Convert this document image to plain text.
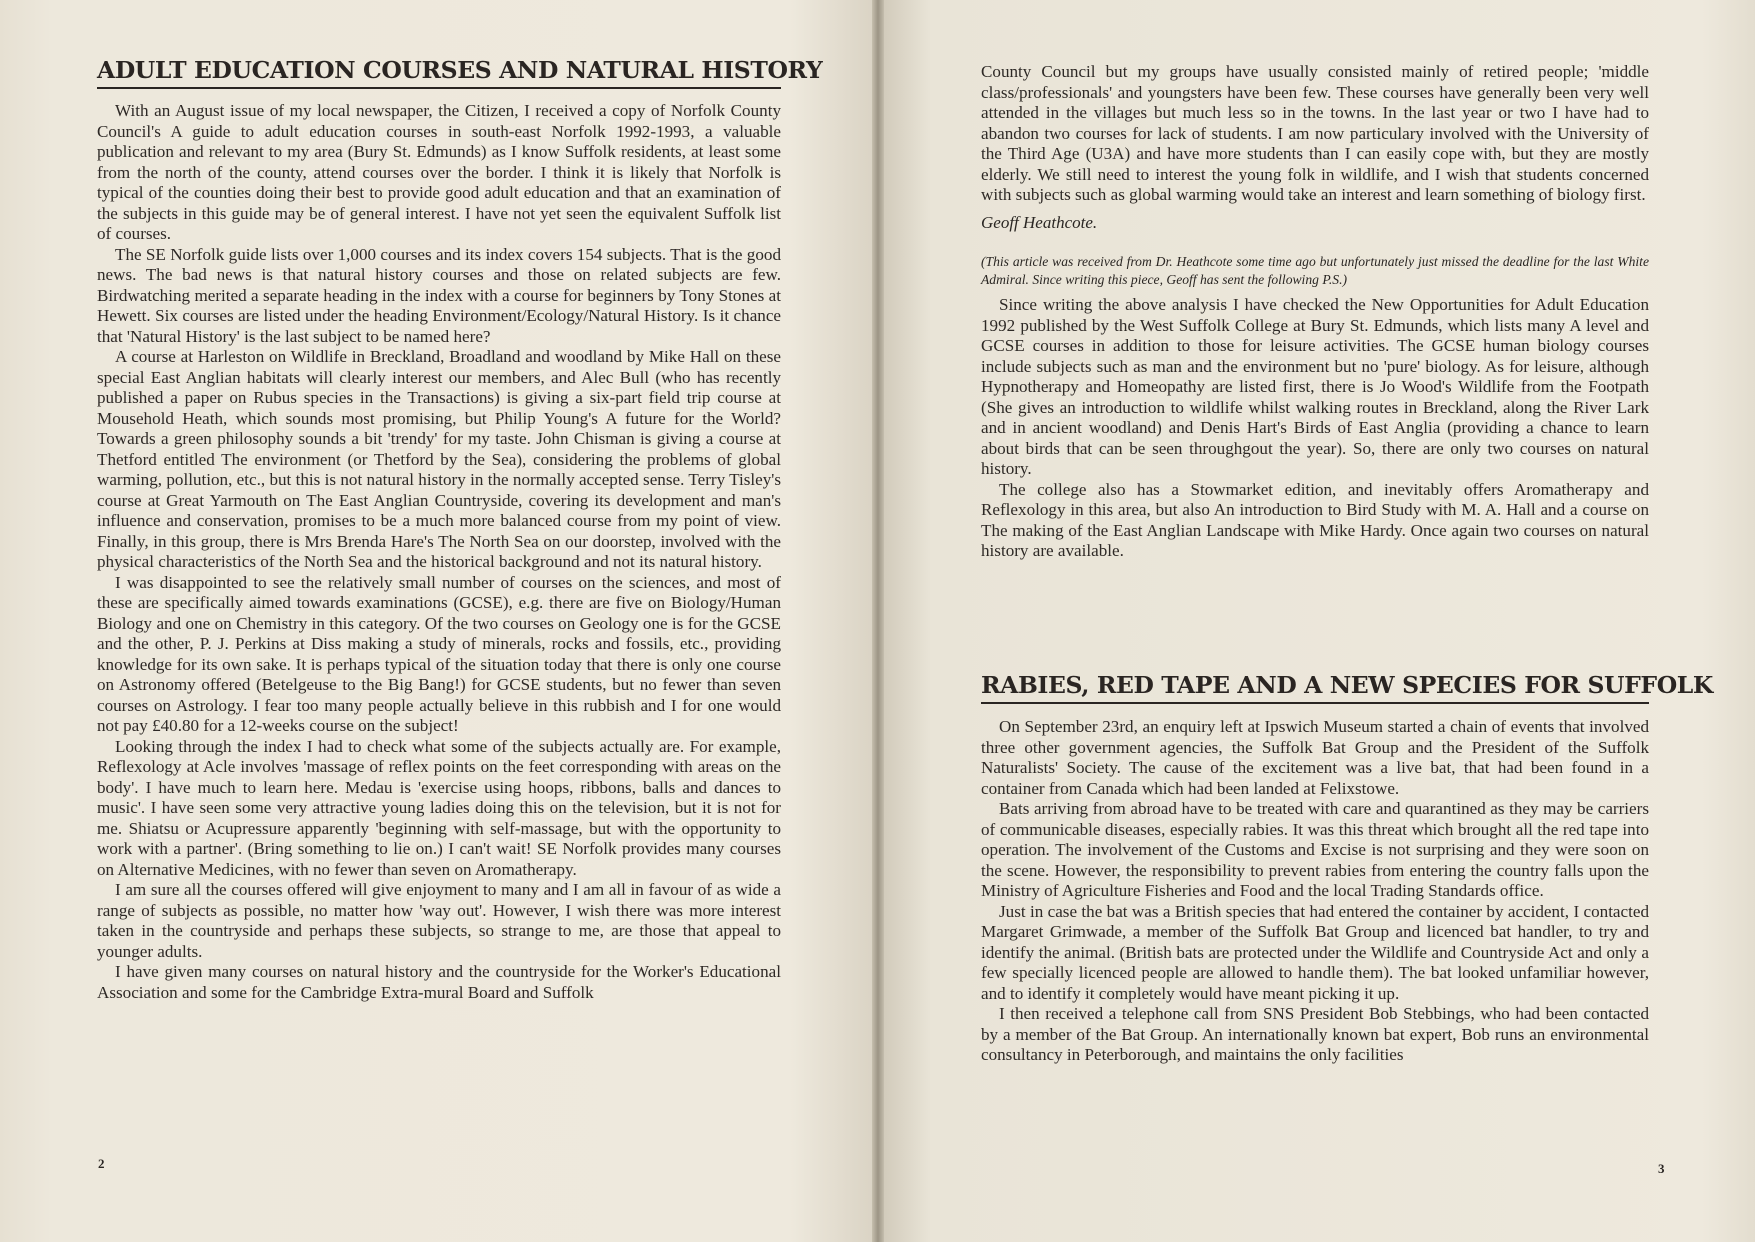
ADULT EDUCATION COURSES AND NATURAL HISTORY

With an August issue of my local newspaper, the Citizen, I received a copy of Norfolk County Council's A guide to adult education courses in south-east Norfolk 1992-1993, a valuable publication and relevant to my area (Bury St. Edmunds) as I know Suffolk residents, at least some from the north of the county, attend courses over the border. I think it is likely that Norfolk is typical of the counties doing their best to provide good adult education and that an examination of the subjects in this guide may be of general interest. I have not yet seen the equivalent Suffolk list of courses.

The SE Norfolk guide lists over 1,000 courses and its index covers 154 subjects. That is the good news. The bad news is that natural history courses and those on related subjects are few. Birdwatching merited a separate heading in the index with a course for beginners by Tony Stones at Hewett. Six courses are listed under the heading Environment/Ecology/Natural History. Is it chance that 'Natural History' is the last subject to be named here?

A course at Harleston on Wildlife in Breckland, Broadland and woodland by Mike Hall on these special East Anglian habitats will clearly interest our members, and Alec Bull (who has recently published a paper on Rubus species in the Transactions) is giving a six-part field trip course at Mousehold Heath, which sounds most promising, but Philip Young's A future for the World? Towards a green philosophy sounds a bit 'trendy' for my taste. John Chisman is giving a course at Thetford entitled The environment (or Thetford by the Sea), considering the problems of global warming, pollution, etc., but this is not natural history in the normally accepted sense. Terry Tisley's course at Great Yarmouth on The East Anglian Countryside, covering its development and man's influence and conservation, promises to be a much more balanced course from my point of view. Finally, in this group, there is Mrs Brenda Hare's The North Sea on our doorstep, involved with the physical characteristics of the North Sea and the historical background and not its natural history.

I was disappointed to see the relatively small number of courses on the sciences, and most of these are specifically aimed towards examinations (GCSE), e.g. there are five on Biology/Human Biology and one on Chemistry in this category. Of the two courses on Geology one is for the GCSE and the other, P. J. Perkins at Diss making a study of minerals, rocks and fossils, etc., providing knowledge for its own sake. It is perhaps typical of the situation today that there is only one course on Astronomy offered (Betelgeuse to the Big Bang!) for GCSE students, but no fewer than seven courses on Astrology. I fear too many people actually believe in this rubbish and I for one would not pay £40.80 for a 12-weeks course on the subject!

Looking through the index I had to check what some of the subjects actually are. For example, Reflexology at Acle involves 'massage of reflex points on the feet corresponding with areas on the body'. I have much to learn here. Medau is 'exercise using hoops, ribbons, balls and dances to music'. I have seen some very attractive young ladies doing this on the television, but it is not for me. Shiatsu or Acupressure apparently 'beginning with self-massage, but with the opportunity to work with a partner'. (Bring something to lie on.) I can't wait! SE Norfolk provides many courses on Alternative Medicines, with no fewer than seven on Aromatherapy.

I am sure all the courses offered will give enjoyment to many and I am all in favour of as wide a range of subjects as possible, no matter how 'way out'. However, I wish there was more interest taken in the countryside and perhaps these subjects, so strange to me, are those that appeal to younger adults.

I have given many courses on natural history and the countryside for the Worker's Educational Association and some for the Cambridge Extra-mural Board and Suffolk

2

County Council but my groups have usually consisted mainly of retired people; 'middle class/professionals' and youngsters have been few. These courses have generally been very well attended in the villages but much less so in the towns. In the last year or two I have had to abandon two courses for lack of students. I am now particulary involved with the University of the Third Age (U3A) and have more students than I can easily cope with, but they are mostly elderly. We still need to interest the young folk in wildlife, and I wish that students concerned with subjects such as global warming would take an interest and learn something of biology first.

Geoff Heathcote.

(This article was received from Dr. Heathcote some time ago but unfortunately just missed the deadline for the last White Admiral. Since writing this piece, Geoff has sent the following P.S.)

Since writing the above analysis I have checked the New Opportunities for Adult Education 1992 published by the West Suffolk College at Bury St. Edmunds, which lists many A level and GCSE courses in addition to those for leisure activities. The GCSE human biology courses include subjects such as man and the environment but no 'pure' biology. As for leisure, although Hypnotherapy and Homeopathy are listed first, there is Jo Wood's Wildlife from the Footpath (She gives an introduction to wildlife whilst walking routes in Breckland, along the River Lark and in ancient woodland) and Denis Hart's Birds of East Anglia (providing a chance to learn about birds that can be seen throughgout the year). So, there are only two courses on natural history.

The college also has a Stowmarket edition, and inevitably offers Aromatherapy and Reflexology in this area, but also An introduction to Bird Study with M. A. Hall and a course on The making of the East Anglian Landscape with Mike Hardy. Once again two courses on natural history are available.

RABIES, RED TAPE AND A NEW SPECIES FOR SUFFOLK

On September 23rd, an enquiry left at Ipswich Museum started a chain of events that involved three other government agencies, the Suffolk Bat Group and the President of the Suffolk Naturalists' Society. The cause of the excitement was a live bat, that had been found in a container from Canada which had been landed at Felixstowe.

Bats arriving from abroad have to be treated with care and quarantined as they may be carriers of communicable diseases, especially rabies. It was this threat which brought all the red tape into operation. The involvement of the Customs and Excise is not surprising and they were soon on the scene. However, the responsibility to prevent rabies from entering the country falls upon the Ministry of Agriculture Fisheries and Food and the local Trading Standards office.

Just in case the bat was a British species that had entered the container by accident, I contacted Margaret Grimwade, a member of the Suffolk Bat Group and licenced bat handler, to try and identify the animal. (British bats are protected under the Wildlife and Countryside Act and only a few specially licenced people are allowed to handle them). The bat looked unfamiliar however, and to identify it completely would have meant picking it up.

I then received a telephone call from SNS President Bob Stebbings, who had been contacted by a member of the Bat Group. An internationally known bat expert, Bob runs an environmental consultancy in Peterborough, and maintains the only facilities

3
